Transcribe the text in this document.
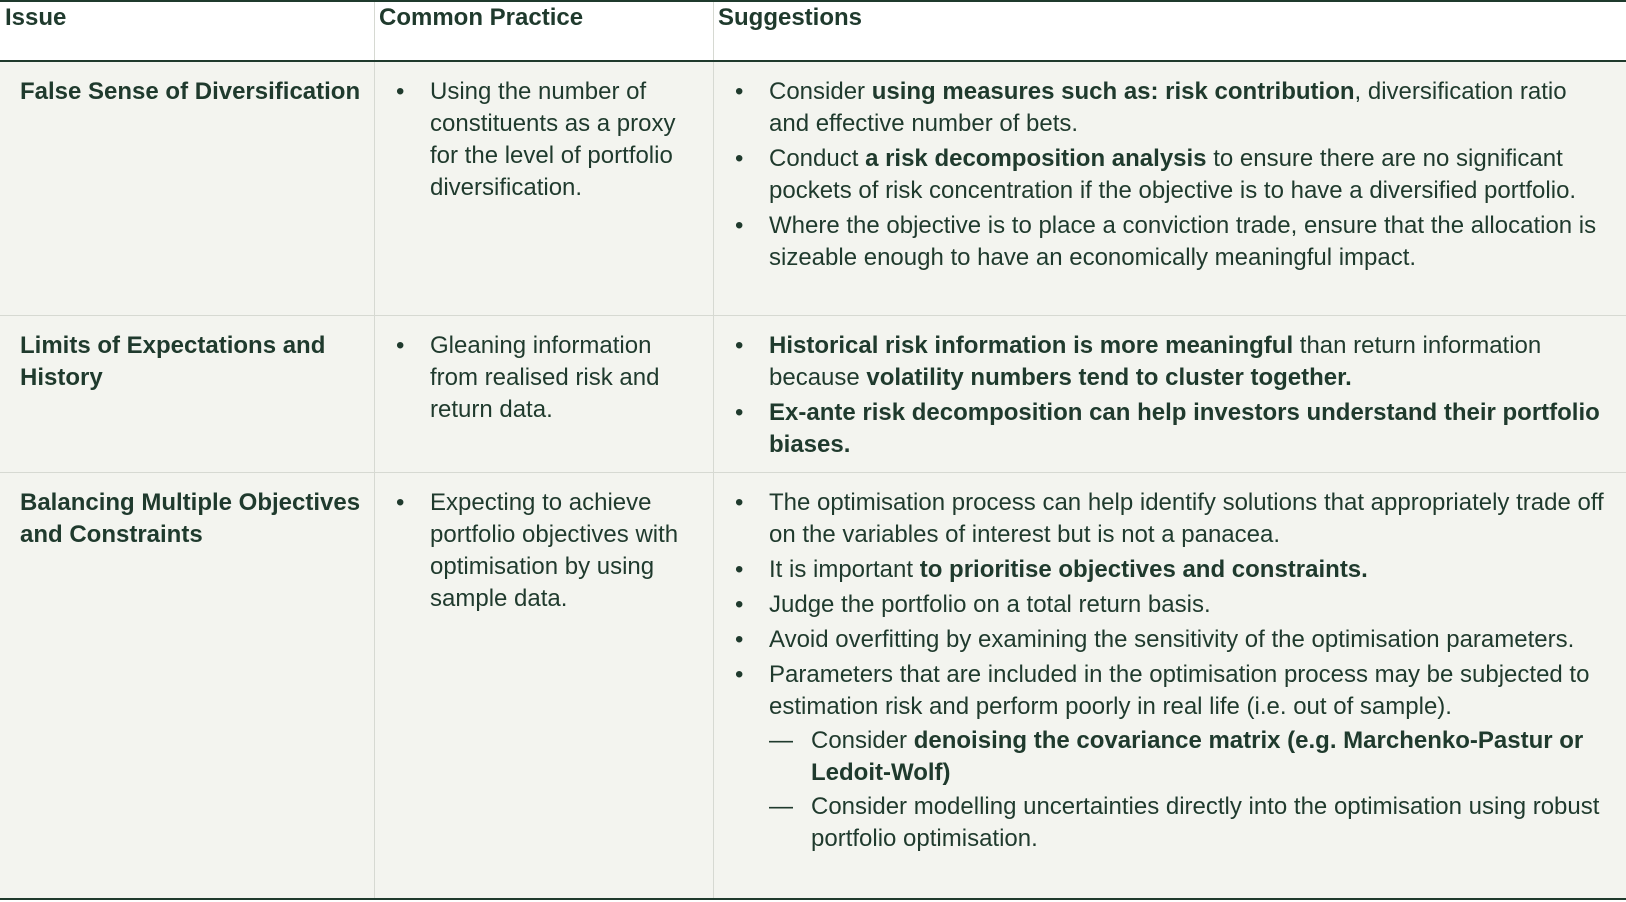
Issue	Common Practice	Suggestions
False Sense of Diversification
•	Using the number of constituents as a proxy for the level of portfolio diversification.
• Consider using measures such as: risk contribution, diversification ratio and effective number of bets.
• Conduct a risk decomposition analysis to ensure there are no significant pockets of risk concentration if the objective is to have a diversified portfolio.
• Where the objective is to place a conviction trade, ensure that the allocation is sizeable enough to have an economically meaningful impact.
Limits of Expectations and History
• Gleaning information from realised risk and return data.
• Historical risk information is more meaningful than return information because volatility numbers tend to cluster together.
• Ex-ante risk decomposition can help investors understand their portfolio biases.
Balancing Multiple Objectives and Constraints
• Expecting to achieve portfolio objectives with optimisation by using sample data.
• The optimisation process can help identify solutions that appropriately trade off on the variables of interest but is not a panacea.
• It is important to prioritise objectives and constraints.
• Judge the portfolio on a total return basis.
• Avoid overfitting by examining the sensitivity of the optimisation parameters.
• Parameters that are included in the optimisation process may be subjected to estimation risk and perform poorly in real life (i.e. out of sample).
— Consider denoising the covariance matrix (e.g. Marchenko-Pastur or Ledoit-Wolf)
— Consider modelling uncertainties directly into the optimisation using robust portfolio optimisation.
